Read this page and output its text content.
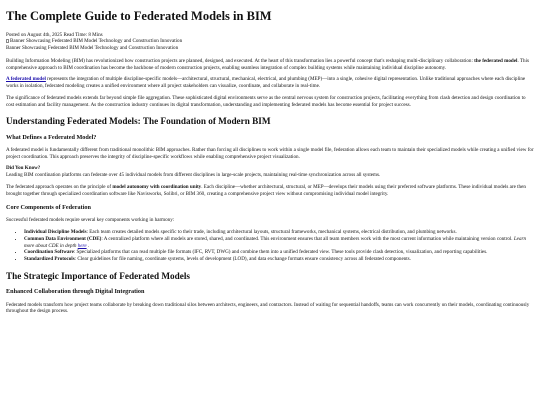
The Complete Guide to Federated Models in BIM

Posted on August 4th, 2025 Read Time: 8 Mins

Banner Showcasing Federated BIM Model Technology and Construction Innovation

Banner Showcasing Federated BIM Model Technology and Construction Innovation

Building Information Modeling (BIM) has revolutionized how construction projects are planned, designed, and executed. At the heart of this transformation lies a powerful concept that's reshaping multi-disciplinary collaboration: the federated model. This comprehensive approach to BIM coordination has become the backbone of modern construction projects, enabling seamless integration of complex building systems while maintaining individual discipline autonomy.

A federated model represents the integration of multiple discipline-specific models—architectural, structural, mechanical, electrical, and plumbing (MEP)—into a single, cohesive digital representation. Unlike traditional approaches where each discipline works in isolation, federated modeling creates a unified environment where all project stakeholders can visualize, coordinate, and collaborate in real-time.

The significance of federated models extends far beyond simple file aggregation. These sophisticated digital environments serve as the central nervous system for construction projects, facilitating everything from clash detection and design coordination to cost estimation and facility management. As the construction industry continues its digital transformation, understanding and implementing federated models has become essential for project success.

Understanding Federated Models: The Foundation of Modern BIM
What Defines a Federated Model?

A federated model is fundamentally different from traditional monolithic BIM approaches. Rather than forcing all disciplines to work within a single model file, federation allows each team to maintain their specialized models while creating a unified view for project coordination. This approach preserves the integrity of discipline-specific workflows while enabling comprehensive project visualization.

Did You Know?

Leading BIM coordination platforms can federate over 45 individual models from different disciplines in large-scale projects, maintaining real-time synchronization across all systems.

The federated approach operates on the principle of model autonomy with coordination unity. Each discipline—whether architectural, structural, or MEP—develops their models using their preferred software platforms. These individual models are then brought together through specialized coordination software like Navisworks, Solibri, or BIM 360, creating a comprehensive project view without compromising individual model integrity.

Core Components of Federation

Successful federated models require several key components working in harmony:

• Individual Discipline Models: Each team creates detailed models specific to their trade, including architectural layouts, structural frameworks, mechanical systems, electrical distribution, and plumbing networks.
• Common Data Environment (CDE): A centralized platform where all models are stored, shared, and coordinated. This environment ensures that all team members work with the most current information while maintaining version control. Learn more about CDE in depth here .
• Coordination Software: Specialized platforms that can read multiple file formats (IFC, RVT, DWG) and combine them into a unified federated view. These tools provide clash detection, visualization, and reporting capabilities.
• Standardized Protocols: Clear guidelines for file naming, coordinate systems, levels of development (LOD), and data exchange formats ensure consistency across all federated components.
The Strategic Importance of Federated Models
Enhanced Collaboration through Digital Integration

Federated models transform how project teams collaborate by breaking down traditional silos between architects, engineers, and contractors. Instead of waiting for sequential handoffs, teams can work concurrently on their models, coordinating continuously throughout the design process.
